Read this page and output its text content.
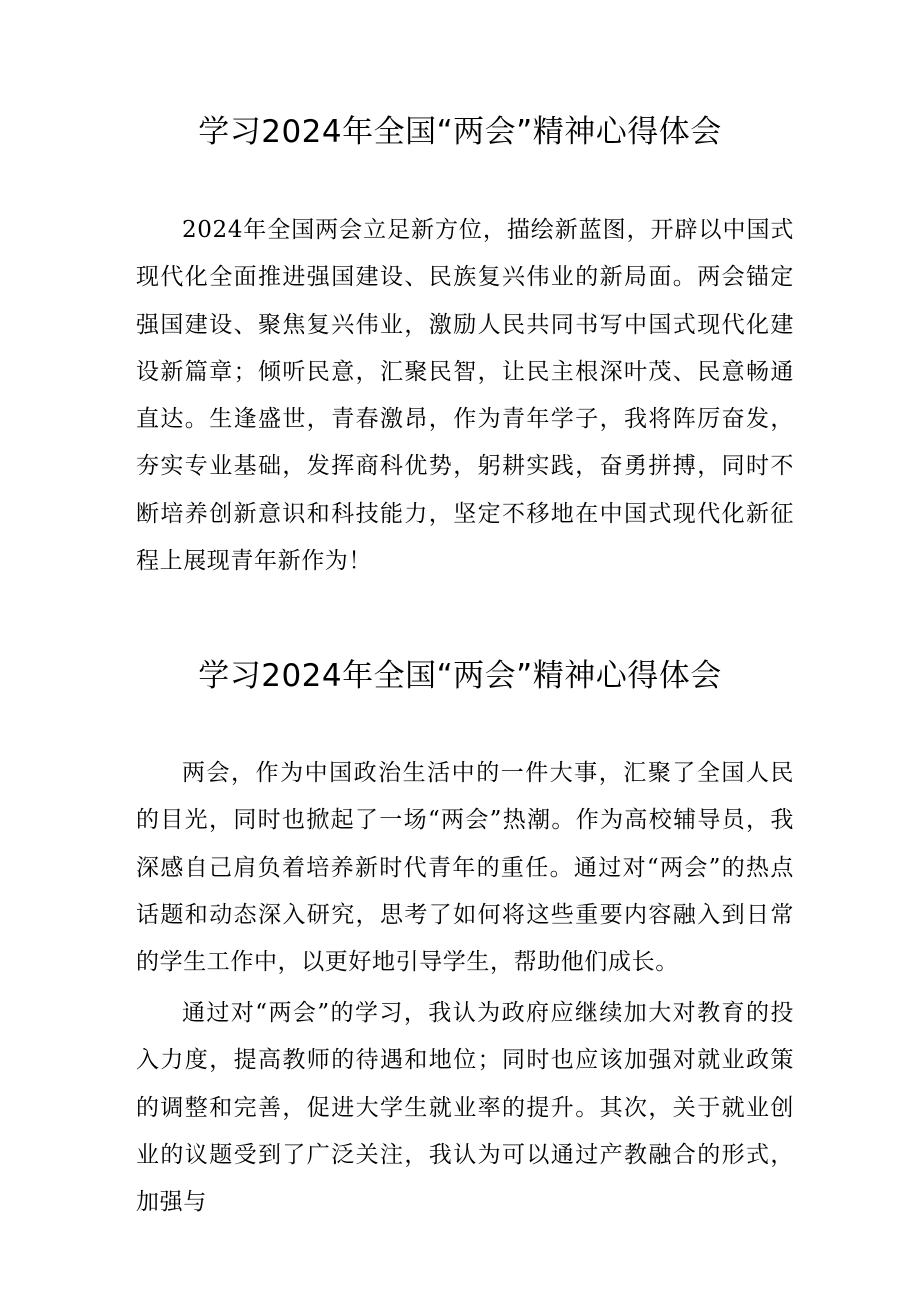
学习2024年全国“两会”精神心得体会

2024年全国两会立足新方位，描绘新蓝图，开辟以中国式现代化全面推进强国建设、民族复兴伟业的新局面。两会锚定强国建设、聚焦复兴伟业，激励人民共同书写中国式现代化建设新篇章；倾听民意，汇聚民智，让民主根深叶茂、民意畅通直达。生逢盛世，青春激昂，作为青年学子，我将阵厉奋发，夯实专业基础，发挥商科优势，躬耕实践，奋勇拼搏，同时不断培养创新意识和科技能力，坚定不移地在中国式现代化新征程上展现青年新作为！

学习2024年全国“两会”精神心得体会

两会，作为中国政治生活中的一件大事，汇聚了全国人民的目光，同时也掀起了一场“两会”热潮。作为高校辅导员，我深感自己肩负着培养新时代青年的重任。通过对“两会”的热点话题和动态深入研究，思考了如何将这些重要内容融入到日常的学生工作中，以更好地引导学生，帮助他们成长。

通过对“两会”的学习，我认为政府应继续加大对教育的投入力度，提高教师的待遇和地位；同时也应该加强对就业政策的调整和完善，促进大学生就业率的提升。其次，关于就业创业的议题受到了广泛关注，我认为可以通过产教融合的形式，加强与
